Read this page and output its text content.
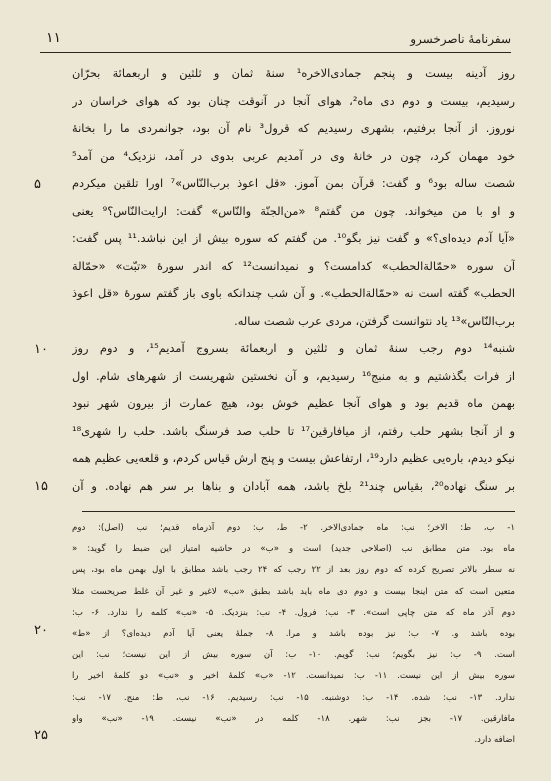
سفرنامهٔ ناصرخسرو
۱۱
روز آدینه بیست و پنجم جمادی‌الاخره¹ سنهٔ ثمان و ثلثین و اربعمائة بحرّان
رسیدیم، بیست و دوم دی ماه²، هوای آنجا در آنوقت چنان بود که هوای خراسان در
نوروز. از آنجا برفتیم، بشهری رسیدیم که قرول³ نام آن بود، جوانمردی ما را بخانهٔ
خود مهمان کرد، چون در خانهٔ وی در آمدیم عربی بدوی در آمد، نزدیک⁴ من آمد⁵
شصت ساله بود⁶ و گفت: قرآن بمن آموز. «قل اعوذ برب‌النّاس»⁷ اورا تلقین میکردم
و او با من میخواند. چون من گفتم⁸ «من‌الجنّة والنّاس» گفت: ارایت‌النّاس؟⁹ یعنی
«آیا آدم دیده‌ای؟» و گفت نیز بگو¹⁰. من گفتم که سوره بیش از این نباشد.¹¹ پس گفت:
آن سوره «حمّالة‌الحطب» کدامست؟ و نمیدانست¹² که اندر سورهٔ «تبّت» «حمّالة‌
الحطب» گفته است نه «حمّالة‌الحطب». و آن شب چندانکه باوی باز گفتم سورهٔ «قل اعوذ
برب‌النّاس»¹³ یاد نتوانست گرفتن، مردی عرب شصت ساله.
شنبه¹⁴ دوم رجب سنهٔ ثمان و ثلثین و اربعمائة بسروج آمدیم¹⁵، و دوم روز
از فرات بگذشتیم و به منبج¹⁶ رسیدیم، و آن نخستین شهریست از شهرهای شام. اول
بهمن ماه قدیم بود و هوای آنجا عظیم خوش بود، هیچ عمارت از بیرون شهر نبود
و از آنجا بشهر حلب رفتم، از میافارقین¹⁷ تا حلب صد فرسنگ باشد. حلب را شهری¹⁸
نیکو دیدم، باره‌یی عظیم دارد¹⁹، ارتفاعش بیست و پنج ارش قیاس کردم، و قلعه‌یی عظیم همه
بر سنگ نهاده²⁰، بقیاس چند²¹ بلخ باشد، همه آبادان و بناها بر سر هم نهاده. و آن
۵
۱۰
۱۵
۲۰
۲۵
۱- ب، ط: الاخر؛ نب: ماه جمادی‌الاخر. ۲- ط، ب: دوم آذرماه قدیم؛ نب (اصل): دوم
ماه بود. متن مطابق نب (اصلاحی جدید) است و «ب» در حاشیه امتیاز این ضبط را گوید: «
نه سطر بالاتر تصریح کرده که دوم روز بعد از ۲۲ رجب که ۲۴ رجب باشد مطابق با اول بهمن ماه بود، پس
متعین است که متن اینجا بیست و دوم دی ماه باید باشد بطبق «نب» لاغیر و غیر آن غلط صریحست مثلا
دوم آذر ماه که متن چاپی است». ۳- نب: فرول. ۴- نب: بنزدیک. ۵- «نب» کلمه را ندارد. ۶- ب:
بوده باشد و. ۷- ب: نیز بوده باشد و مرا. ۸- جملهٔ یعنی آیا آدم دیده‌ای؟ از «ط»
است. ۹- ب: نیز بگویم؛ نب: گویم. ۱۰- ب: آن سوره بیش از این نیست؛ نب: این
سوره بیش از این نیست. ۱۱- ب: نمیدانست. ۱۲- «ب» کلمهٔ اخیر و «نب» دو کلمهٔ اخیر را
ندارد. ۱۳- نب: شده. ۱۴- ب: دوشنبه. ۱۵- نب: رسیدیم. ۱۶- نب، ط: منج. ۱۷- نب:
مافارقین. ۱۷- بجز نب: شهر. ۱۸- کلمه در «نب» نیست. ۱۹- «نب» واو
اضافه دارد.
